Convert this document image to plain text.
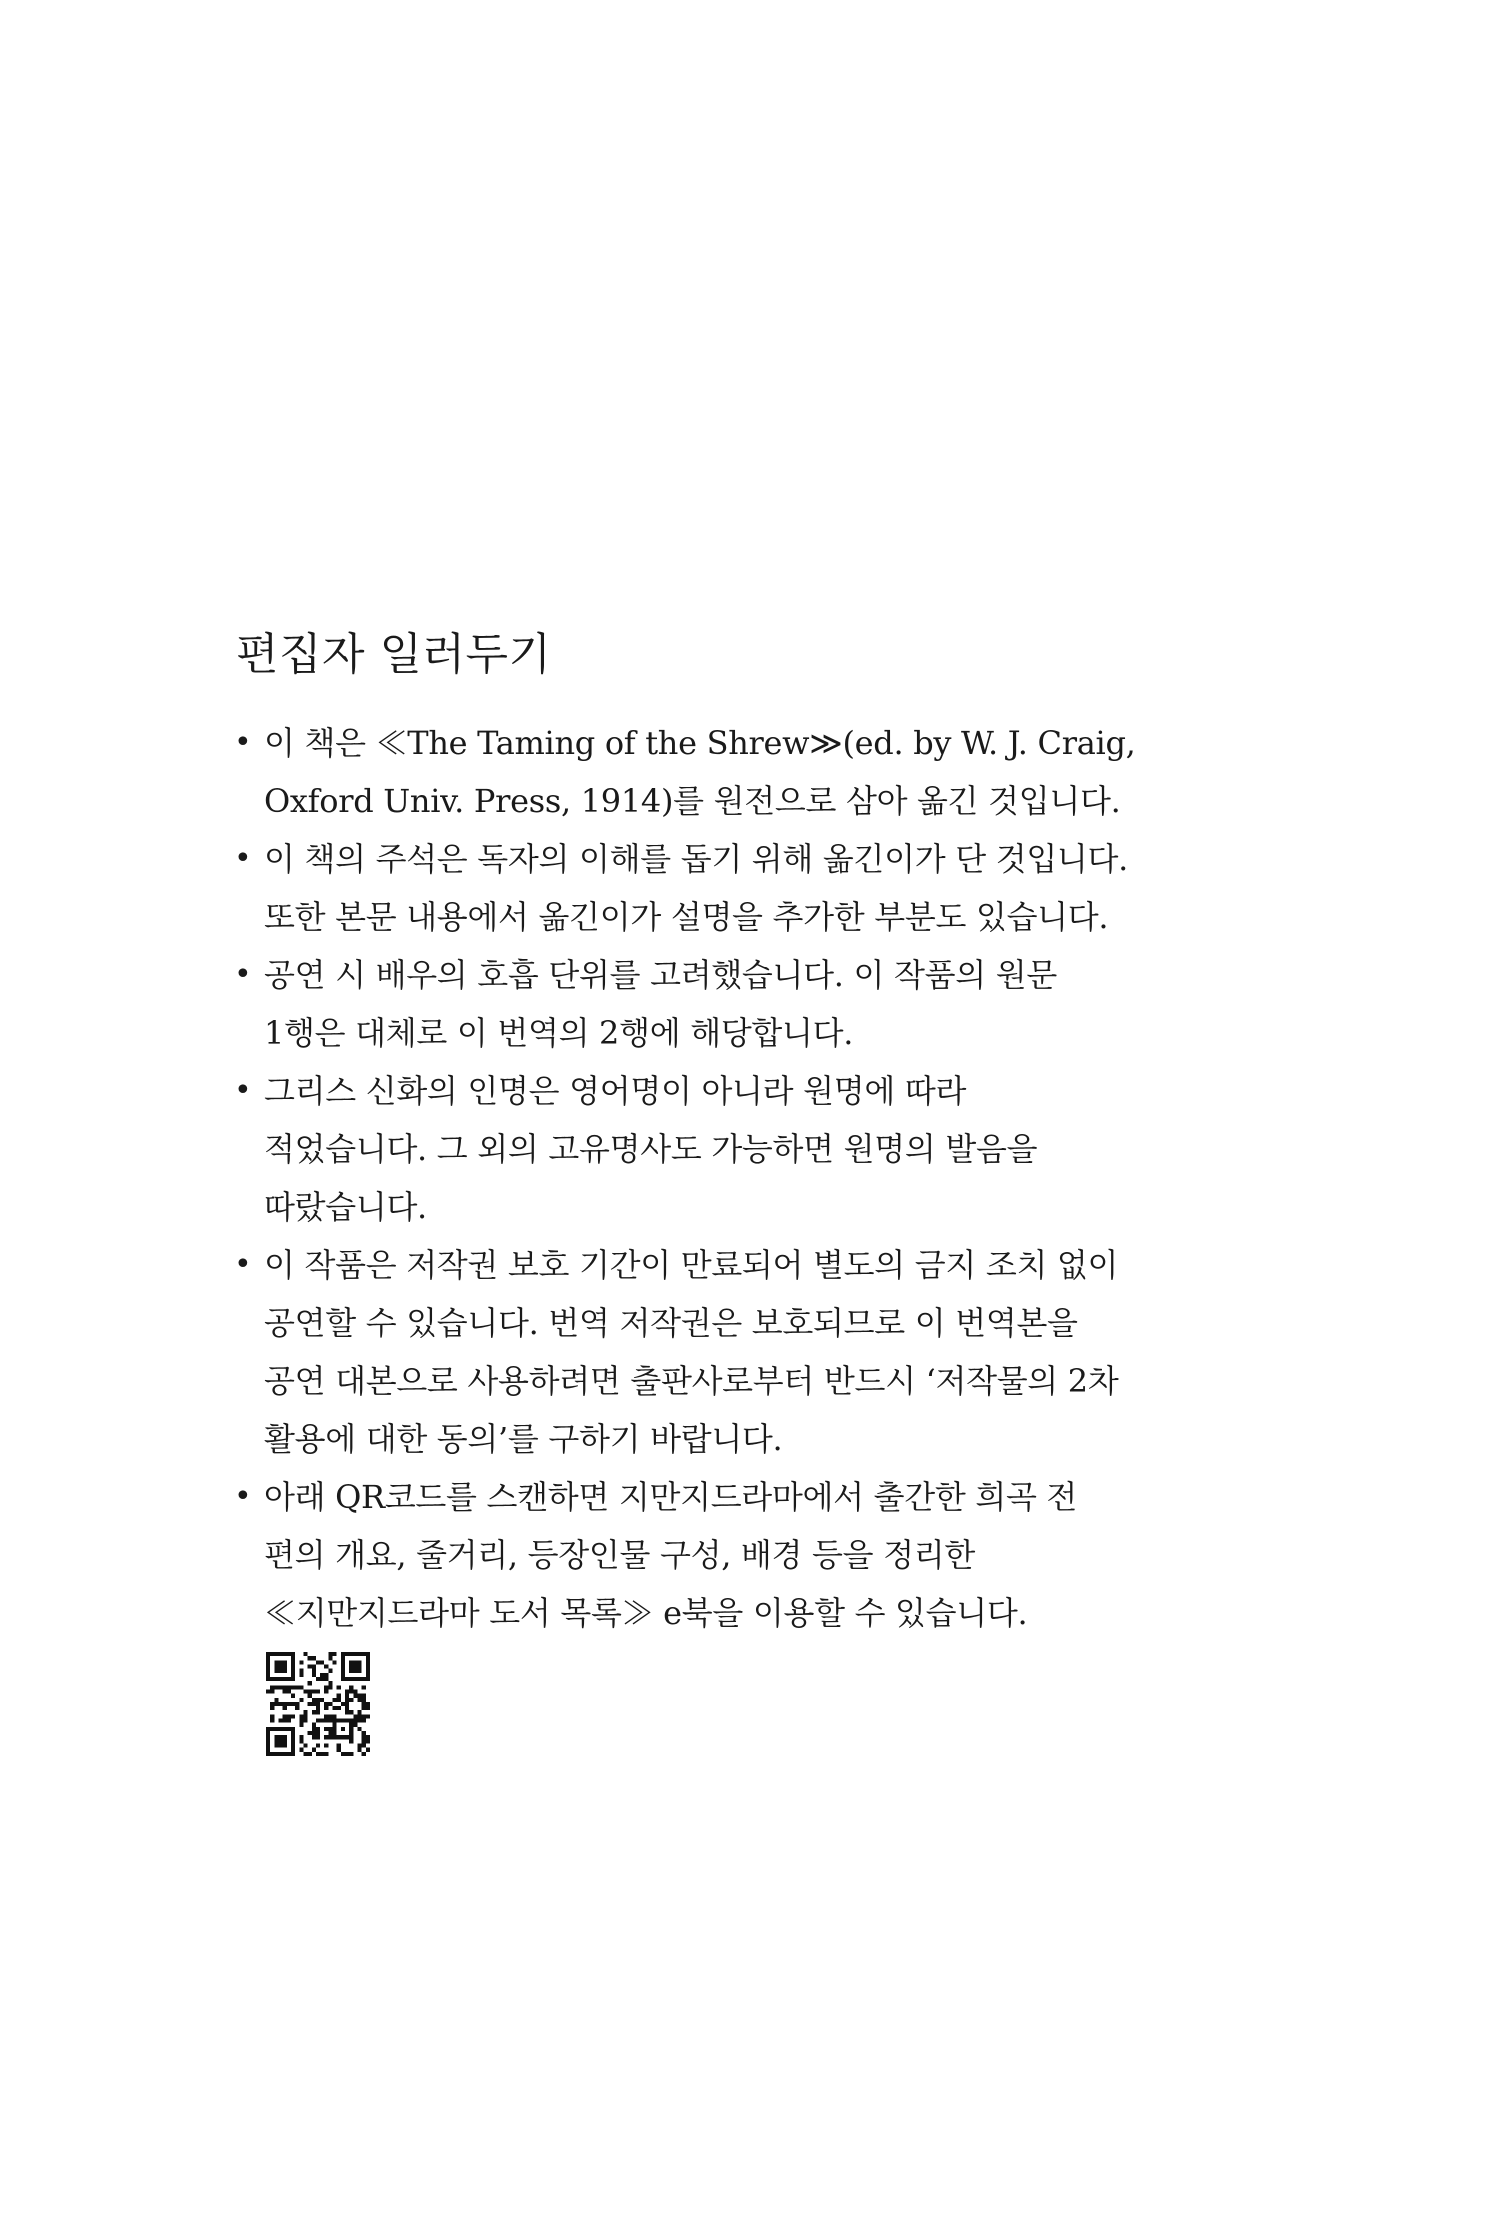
편집자 일러두기
• 이 책은 ≪The Taming of the Shrew≫(ed. by W. J. Craig,
Oxford Univ. Press, 1914)를 원전으로 삼아 옮긴 것입니다.
• 이 책의 주석은 독자의 이해를 돕기 위해 옮긴이가 단 것입니다.
또한 본문 내용에서 옮긴이가 설명을 추가한 부분도 있습니다.
• 공연 시 배우의 호흡 단위를 고려했습니다. 이 작품의 원문
1행은 대체로 이 번역의 2행에 해당합니다.
• 그리스 신화의 인명은 영어명이 아니라 원명에 따라
적었습니다. 그 외의 고유명사도 가능하면 원명의 발음을
따랐습니다.
• 이 작품은 저작권 보호 기간이 만료되어 별도의 금지 조치 없이
공연할 수 있습니다. 번역 저작권은 보호되므로 이 번역본을
공연 대본으로 사용하려면 출판사로부터 반드시 ‘저작물의 2차
활용에 대한 동의’를 구하기 바랍니다.
• 아래 QR코드를 스캔하면 지만지드라마에서 출간한 희곡 전
편의 개요, 줄거리, 등장인물 구성, 배경 등을 정리한
≪지만지드라마 도서 목록≫ e북을 이용할 수 있습니다.
